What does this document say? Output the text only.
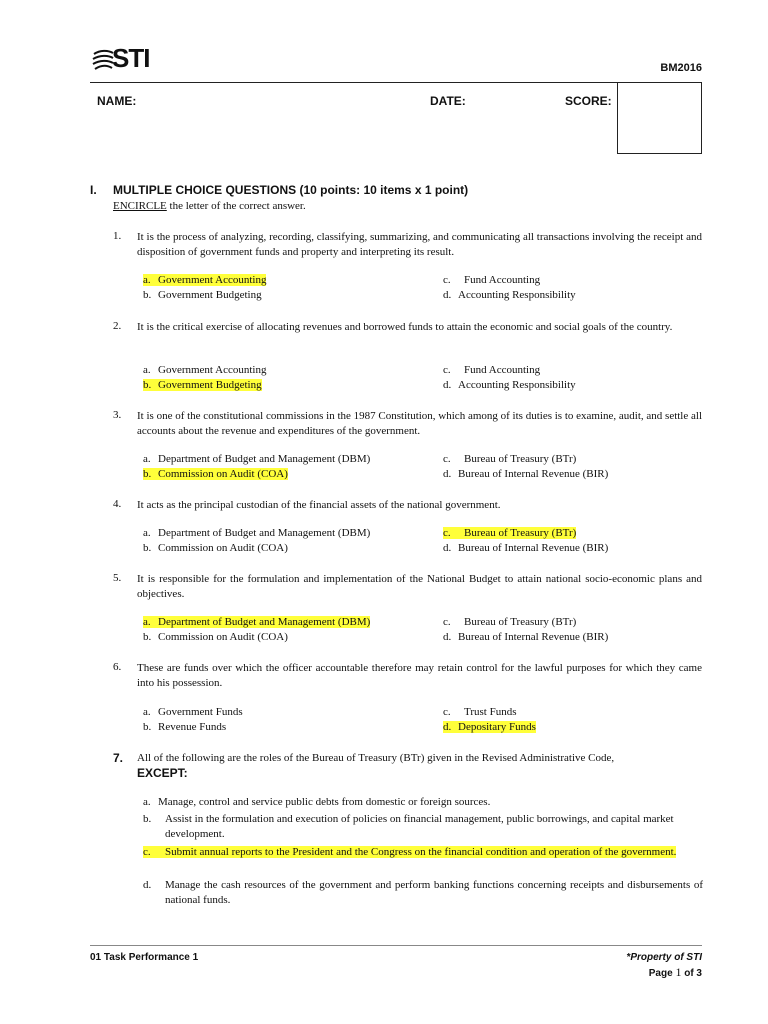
STI	BM2016
NAME:	DATE:	SCORE:
I. MULTIPLE CHOICE QUESTIONS (10 points: 10 items x 1 point)
ENCIRCLE the letter of the correct answer.
1. It is the process of analyzing, recording, classifying, summarizing, and communicating all transactions involving the receipt and disposition of government funds and property and interpreting its result.
a. Government Accounting
b. Government Budgeting
c. Fund Accounting
d. Accounting Responsibility
2. It is the critical exercise of allocating revenues and borrowed funds to attain the economic and social goals of the country.
a. Government Accounting
b. Government Budgeting
c. Fund Accounting
d. Accounting Responsibility
3. It is one of the constitutional commissions in the 1987 Constitution, which among of its duties is to examine, audit, and settle all accounts about the revenue and expenditures of the government.
a. Department of Budget and Management (DBM)
b. Commission on Audit (COA)
c. Bureau of Treasury (BTr)
d. Bureau of Internal Revenue (BIR)
4. It acts as the principal custodian of the financial assets of the national government.
a. Department of Budget and Management (DBM)
b. Commission on Audit (COA)
c. Bureau of Treasury (BTr)
d. Bureau of Internal Revenue (BIR)
5. It is responsible for the formulation and implementation of the National Budget to attain national socio-economic plans and objectives.
a. Department of Budget and Management (DBM)
b. Commission on Audit (COA)
c. Bureau of Treasury (BTr)
d. Bureau of Internal Revenue (BIR)
6. These are funds over which the officer accountable therefore may retain control for the lawful purposes for which they came into his possession.
a. Government Funds
b. Revenue Funds
c. Trust Funds
d. Depositary Funds
7. All of the following are the roles of the Bureau of Treasury (BTr) given in the Revised Administrative Code,
EXCEPT:
a. Manage, control and service public debts from domestic or foreign sources.
b. Assist in the formulation and execution of policies on financial management, public borrowings, and capital market development.
c. Submit annual reports to the President and the Congress on the financial condition and operation of the government.
d. Manage the cash resources of the government and perform banking functions concerning receipts and disbursements of national funds.
01 Task Performance 1	*Property of STI
Page 1 of 3
